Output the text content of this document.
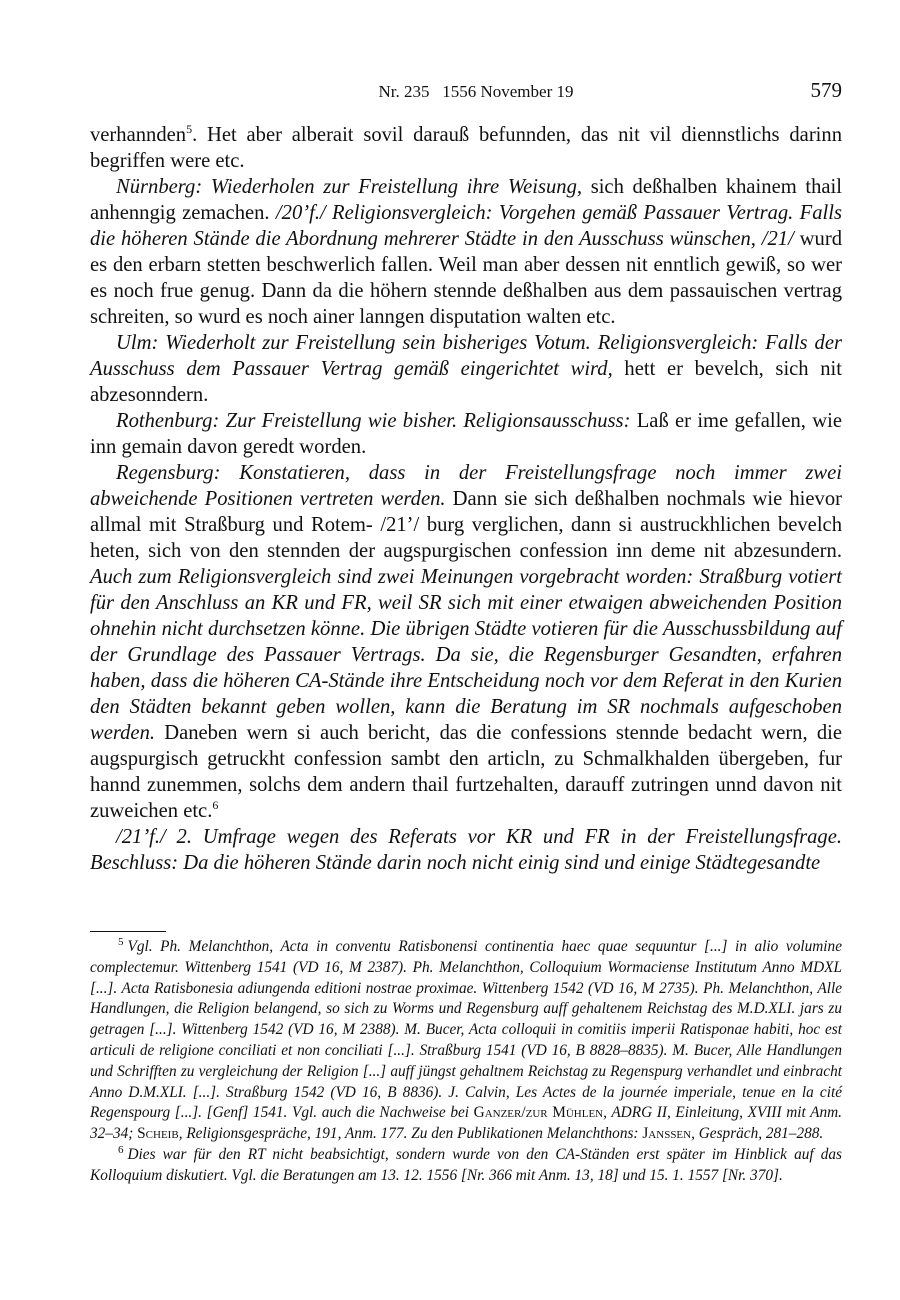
Nr. 235   1556 November 19	579

verhannden$^5$. Het aber alberait sovil darauß befunnden, das nit vil diennstlichs darinn begriffen were etc.

Nürnberg: Wiederholen zur Freistellung ihre Weisung, sich deßhalben khainem thail anhenngig zemachen. /20’f./ Religionsvergleich: Vorgehen gemäß Passauer Vertrag. Falls die höheren Stände die Abordnung mehrerer Städte in den Ausschuss wünschen, /21/ wurd es den erbarn stetten beschwerlich fallen. Weil man aber dessen nit enntlich gewiß, so wer es noch frue genug. Dann da die höhern stennde deßhalben aus dem passauischen vertrag schreiten, so wurd es noch ainer lanngen disputation walten etc.

Ulm: Wiederholt zur Freistellung sein bisheriges Votum. Religionsvergleich: Falls der Ausschuss dem Passauer Vertrag gemäß eingerichtet wird, hett er bevelch, sich nit abzesonndern.

Rothenburg: Zur Freistellung wie bisher. Religionsausschuss: Laß er ime gefallen, wie inn gemain davon geredt worden.

Regensburg: Konstatieren, dass in der Freistellungsfrage noch immer zwei abweichende Positionen vertreten werden. Dann sie sich deßhalben nochmals wie hievor allmal mit Straßburg und Rotem- /21’/ burg verglichen, dann si austruckhlichen bevelch heten, sich von den stennden der augspurgischen confession inn deme nit abzesundern. Auch zum Religionsvergleich sind zwei Meinungen vorgebracht worden: Straßburg votiert für den Anschluss an KR und FR, weil SR sich mit einer etwaigen abweichenden Position ohnehin nicht durchsetzen könne. Die übrigen Städte votieren für die Ausschussbildung auf der Grundlage des Passauer Vertrags. Da sie, die Regensburger Gesandten, erfahren haben, dass die höheren CA-Stände ihre Entscheidung noch vor dem Referat in den Kurien den Städten bekannt geben wollen, kann die Beratung im SR nochmals aufgeschoben werden. Daneben wern si auch bericht, das die confessions stennde bedacht wern, die augspurgisch getruckht confession sambt den articln, zu Schmalkhalden übergeben, fur hannd zunemmen, solchs dem andern thail furtzehalten, darauff zutringen unnd davon nit zuweichen etc.$^6$

/21’f./ 2. Umfrage wegen des Referats vor KR und FR in der Freistellungsfrage. Beschluss: Da die höheren Stände darin noch nicht einig sind und einige Städtegesandte

$^5$ Vgl. Ph. Melanchthon, Acta in conventu Ratisbonensi continentia haec quae sequuntur [...] in alio volumine complectemur. Wittenberg 1541 (VD 16, M 2387). Ph. Melanchthon, Colloquium Wormaciense Institutum Anno MDXL [...]. Acta Ratisbonesia adiungenda editioni nostrae proximae. Wittenberg 1542 (VD 16, M 2735). Ph. Melanchthon, Alle Handlungen, die Religion belangend, so sich zu Worms und Regensburg auff gehaltenem Reichstag des M.D.XLI. jars zu getragen [...]. Wittenberg 1542 (VD 16, M 2388). M. Bucer, Acta colloquii in comitiis imperii Ratisponae habiti, hoc est articuli de religione conciliati et non conciliati [...]. Straßburg 1541 (VD 16, B 8828–8835). M. Bucer, Alle Handlungen und Schrifften zu vergleichung der Religion [...] auff jüngst gehaltnem Reichstag zu Regenspurg verhandlet und einbracht Anno D.M.XLI. [...]. Straßburg 1542 (VD 16, B 8836). J. Calvin, Les Actes de la journée imperiale, tenue en la cité Regenspourg [...]. [Genf] 1541. Vgl. auch die Nachweise bei Ganzer/zur Mühlen, ADRG II, Einleitung, XVIII mit Anm. 32–34; Scheib, Religionsgespräche, 191, Anm. 177. Zu den Publikationen Melanchthons: Janssen, Gespräch, 281–288.

$^6$ Dies war für den RT nicht beabsichtigt, sondern wurde von den CA-Ständen erst später im Hinblick auf das Kolloquium diskutiert. Vgl. die Beratungen am 13. 12. 1556 [Nr. 366 mit Anm. 13, 18] und 15. 1. 1557 [Nr. 370].
